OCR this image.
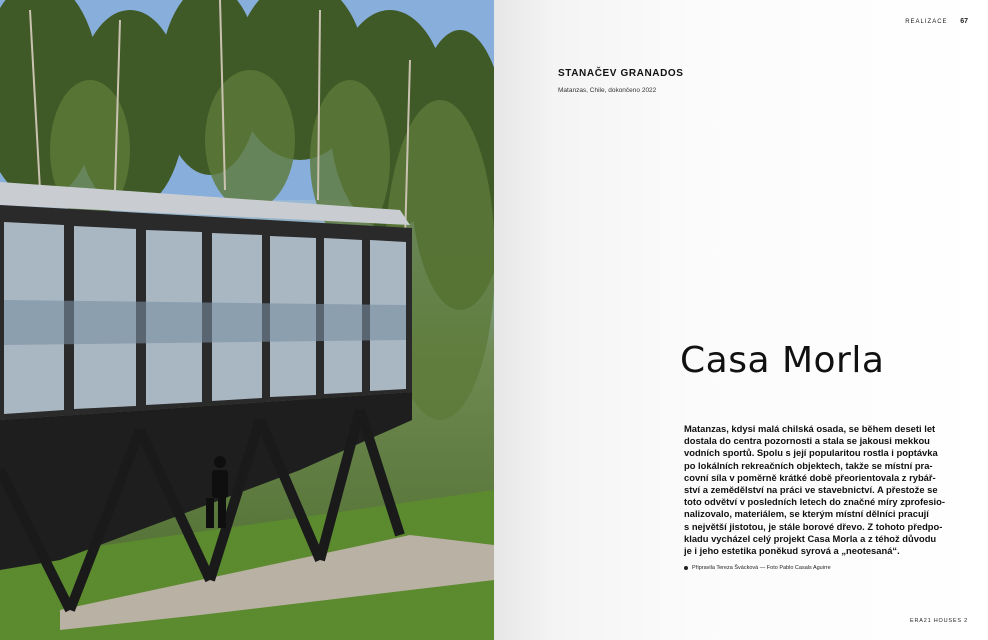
REALIZACE 67
STANAČEV GRANADOS
Matanzas, Chile, dokončeno 2022
Casa Morla
Matanzas, kdysi malá chilská osada, se během deseti let
dostala do centra pozornosti a stala se jakousi mekkou
vodních sportů. Spolu s její popularitou rostla i poptávka
po lokálních rekreačních objektech, takže se místní pra-
covní síla v poměrně krátké době přeorientovala z rybář-
ství a zemědělství na práci ve stavebnictví. A přestože se
toto odvětví v posledních letech do značné míry zprofesio-
nalizovalo, materiálem, se kterým místní dělníci pracují
s největší jistotou, je stále borové dřevo. Z tohoto předpo-
kladu vycházel celý projekt Casa Morla a z téhož důvodu
je i jeho estetika poněkud syrová a „neotesaná“.
Připravila Tereza Švácková — Foto Pablo Casals Aguirre
ERA21 HOUSES 2
